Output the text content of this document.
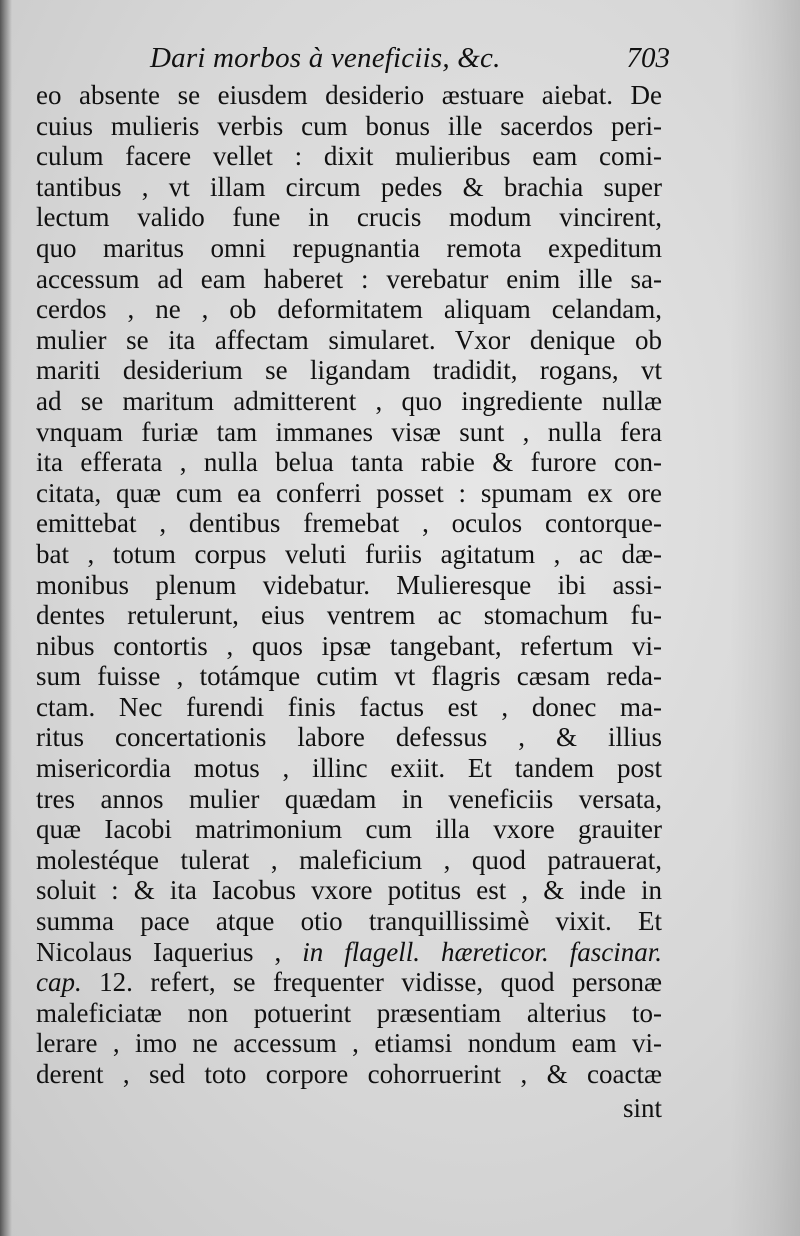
Dari morbos à veneficiis, &c.	703
eo absente se eiusdem desiderio æstuare aiebat. De
cuius mulieris verbis cum bonus ille sacerdos peri-
culum facere vellet : dixit mulieribus eam comi-
tantibus , vt illam circum pedes & brachia super
lectum valido fune in crucis modum vincirent,
quo maritus omni repugnantia remota expeditum
accessum ad eam haberet : verebatur enim ille sa-
cerdos , ne , ob deformitatem aliquam celandam,
mulier se ita affectam simularet. Vxor denique ob
mariti desiderium se ligandam tradidit, rogans, vt
ad se maritum admitterent , quo ingrediente nullæ
vnquam furiæ tam immanes visæ sunt , nulla fera
ita efferata , nulla belua tanta rabie & furore con-
citata, quæ cum ea conferri posset : spumam ex ore
emittebat , dentibus fremebat , oculos contorque-
bat , totum corpus veluti furiis agitatum , ac dæ-
monibus plenum videbatur. Mulieresque ibi assi-
dentes retulerunt, eius ventrem ac stomachum fu-
nibus contortis , quos ipsæ tangebant, refertum vi-
sum fuisse , totámque cutim vt flagris cæsam reda-
ctam. Nec furendi finis factus est , donec ma-
ritus concertationis labore defessus , & illius
misericordia motus , illinc exiit. Et tandem post
tres annos mulier quædam in veneficiis versata,
quæ Iacobi matrimonium cum illa vxore grauiter
molestéque tulerat , maleficium , quod patrauerat,
soluit : & ita Iacobus vxore potitus est , & inde in
summa pace atque otio tranquillissimè vixit. Et
Nicolaus Iaquerius , in flagell. hæreticor. fascinar.
cap. 12. refert, se frequenter vidisse, quod personæ
maleficiatæ non potuerint præsentiam alterius to-
lerare , imo ne accessum , etiamsi nondum eam vi-
derent , sed toto corpore cohorruerint , & coactæ
sint
